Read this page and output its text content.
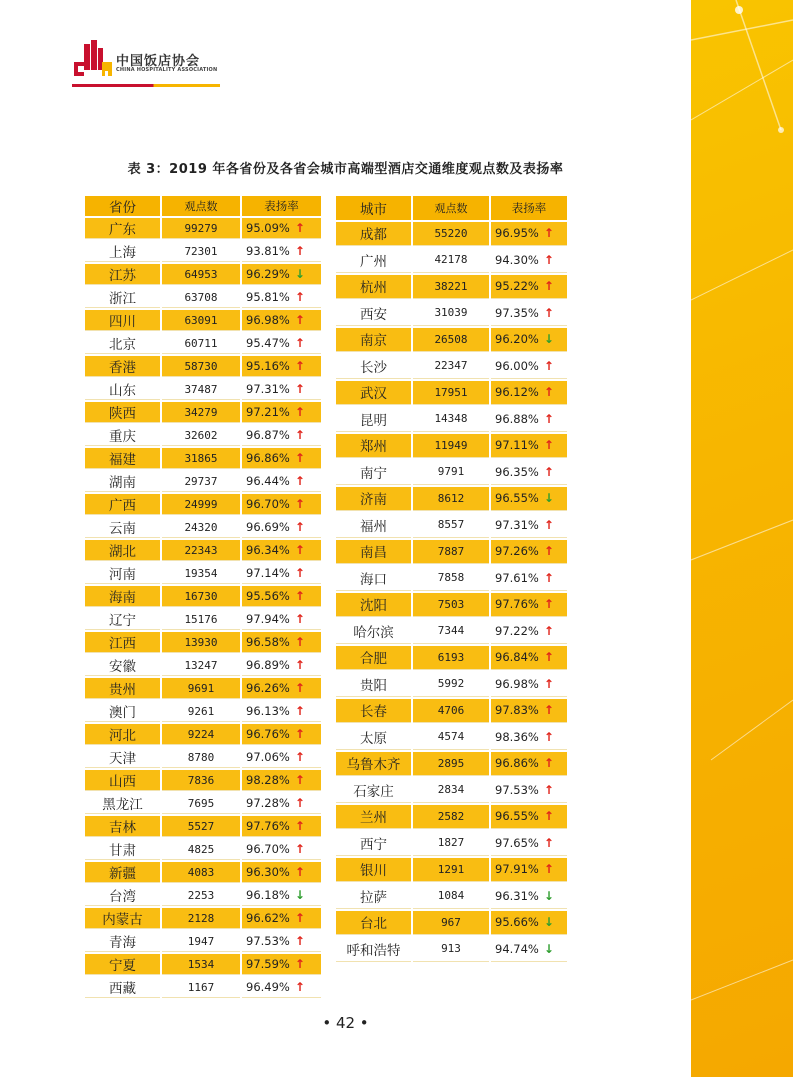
中国饭店协会
CHINA HOSPITALITY ASSOCIATION
表 3：2019 年各省份及各省会城市高端型酒店交通维度观点数及表扬率
省份	观点数	表扬率
广东	99279	95.09% ↑
上海	72301	93.81% ↑
江苏	64953	96.29% ↓
浙江	63708	95.81% ↑
四川	63091	96.98% ↑
北京	60711	95.47% ↑
香港	58730	95.16% ↑
山东	37487	97.31% ↑
陕西	34279	97.21% ↑
重庆	32602	96.87% ↑
福建	31865	96.86% ↑
湖南	29737	96.44% ↑
广西	24999	96.70% ↑
云南	24320	96.69% ↑
湖北	22343	96.34% ↑
河南	19354	97.14% ↑
海南	16730	95.56% ↑
辽宁	15176	97.94% ↑
江西	13930	96.58% ↑
安徽	13247	96.89% ↑
贵州	9691	96.26% ↑
澳门	9261	96.13% ↑
河北	9224	96.76% ↑
天津	8780	97.06% ↑
山西	7836	98.28% ↑
黑龙江	7695	97.28% ↑
吉林	5527	97.76% ↑
甘肃	4825	96.70% ↑
新疆	4083	96.30% ↑
台湾	2253	96.18% ↓
内蒙古	2128	96.62% ↑
青海	1947	97.53% ↑
宁夏	1534	97.59% ↑
西藏	1167	96.49% ↑
城市	观点数	表扬率
成都	55220	96.95% ↑
广州	42178	94.30% ↑
杭州	38221	95.22% ↑
西安	31039	97.35% ↑
南京	26508	96.20% ↓
长沙	22347	96.00% ↑
武汉	17951	96.12% ↑
昆明	14348	96.88% ↑
郑州	11949	97.11% ↑
南宁	9791	96.35% ↑
济南	8612	96.55% ↓
福州	8557	97.31% ↑
南昌	7887	97.26% ↑
海口	7858	97.61% ↑
沈阳	7503	97.76% ↑
哈尔滨	7344	97.22% ↑
合肥	6193	96.84% ↑
贵阳	5992	96.98% ↑
长春	4706	97.83% ↑
太原	4574	98.36% ↑
乌鲁木齐	2895	96.86% ↑
石家庄	2834	97.53% ↑
兰州	2582	96.55% ↑
西宁	1827	97.65% ↑
银川	1291	97.91% ↑
拉萨	1084	96.31% ↓
台北	967	95.66% ↓
呼和浩特	913	94.74% ↓
• 42 •
